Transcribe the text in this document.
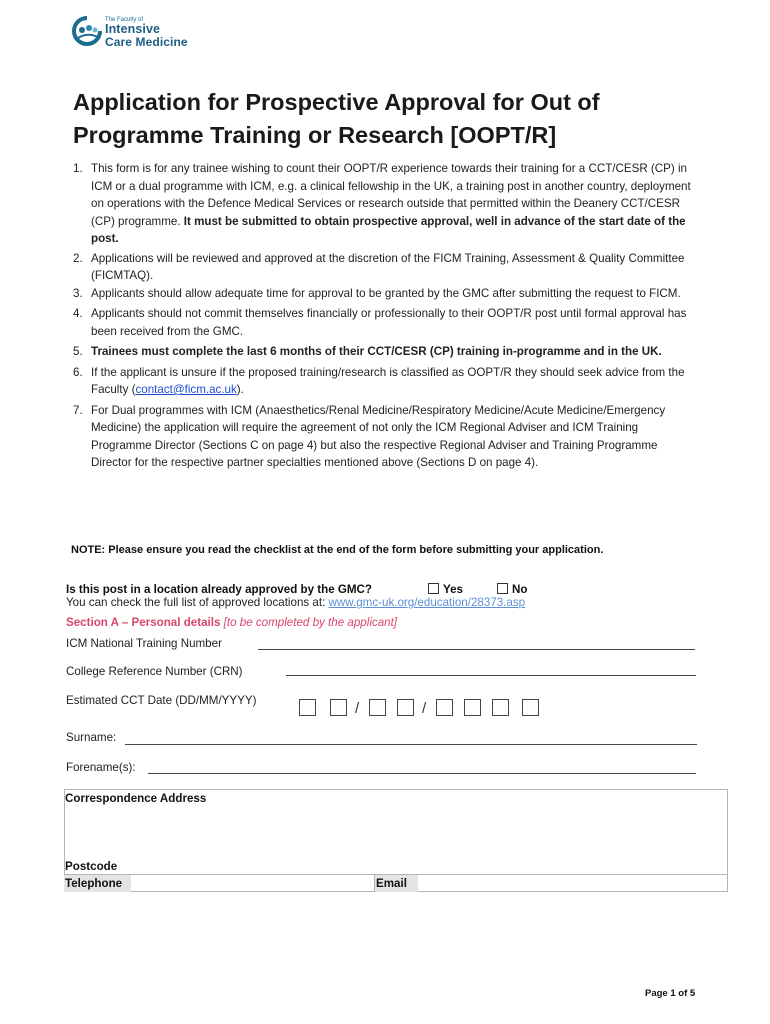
The Faculty of
Intensive
Care Medicine
Application for Prospective Approval for Out of Programme Training or Research [OOPT/R]
1. This form is for any trainee wishing to count their OOPT/R experience towards their training for a CCT/CESR (CP) in ICM or a dual programme with ICM, e.g. a clinical fellowship in the UK, a training post in another country, deployment on operations with the Defence Medical Services or research outside that permitted within the Deanery CCT/CESR (CP) programme. It must be submitted to obtain prospective approval, well in advance of the start date of the post.
2. Applications will be reviewed and approved at the discretion of the FICM Training, Assessment & Quality Committee (FICMTAQ).
3. Applicants should allow adequate time for approval to be granted by the GMC after submitting the request to FICM.
4. Applicants should not commit themselves financially or professionally to their OOPT/R post until formal approval has been received from the GMC.
5. Trainees must complete the last 6 months of their CCT/CESR (CP) training in-programme and in the UK.
6. If the applicant is unsure if the proposed training/research is classified as OOPT/R they should seek advice from the Faculty (contact@ficm.ac.uk).
7. For Dual programmes with ICM (Anaesthetics/Renal Medicine/Respiratory Medicine/Acute Medicine/Emergency Medicine) the application will require the agreement of not only the ICM Regional Adviser and ICM Training Programme Director (Sections C on page 4) but also the respective Regional Adviser and Training Programme Director for the respective partner specialties mentioned above (Sections D on page 4).
NOTE: Please ensure you read the checklist at the end of the form before submitting your application.
Is this post in a location already approved by the GMC?	Yes	No
You can check the full list of approved locations at: www.gmc-uk.org/education/28373.asp
Section A – Personal details [to be completed by the applicant]
ICM National Training Number
College Reference Number (CRN)
Estimated CCT Date (DD/MM/YYYY)	/	/
Surname:
Forename(s):
Correspondence Address
Postcode
Telephone	Email
Page 1 of 5
